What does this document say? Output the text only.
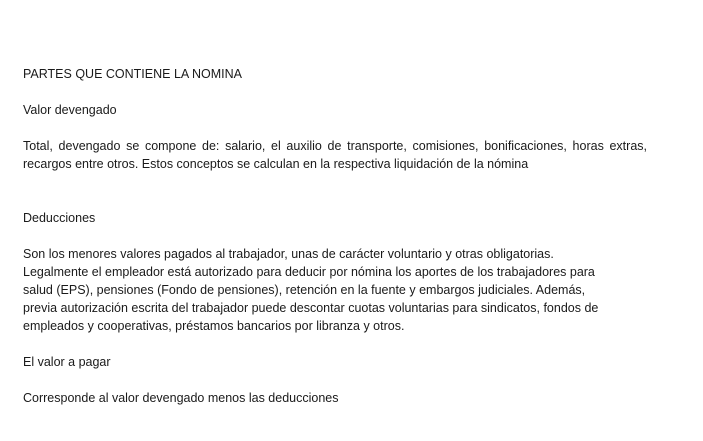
PARTES QUE CONTIENE LA NOMINA

Valor devengado

Total, devengado se compone de: salario, el auxilio de transporte, comisiones, bonificaciones, horas extras, recargos entre otros. Estos conceptos se calculan en la respectiva liquidación de la nómina

Deducciones

Son los menores valores pagados al trabajador, unas de carácter voluntario y otras obligatorias.
Legalmente el empleador está autorizado para deducir por nómina los aportes de los trabajadores para
salud (EPS), pensiones (Fondo de pensiones), retención en la fuente y embargos judiciales. Además,
previa autorización escrita del trabajador puede descontar cuotas voluntarias para sindicatos, fondos de
empleados y cooperativas, préstamos bancarios por libranza y otros.

El valor a pagar

Corresponde al valor devengado menos las deducciones
